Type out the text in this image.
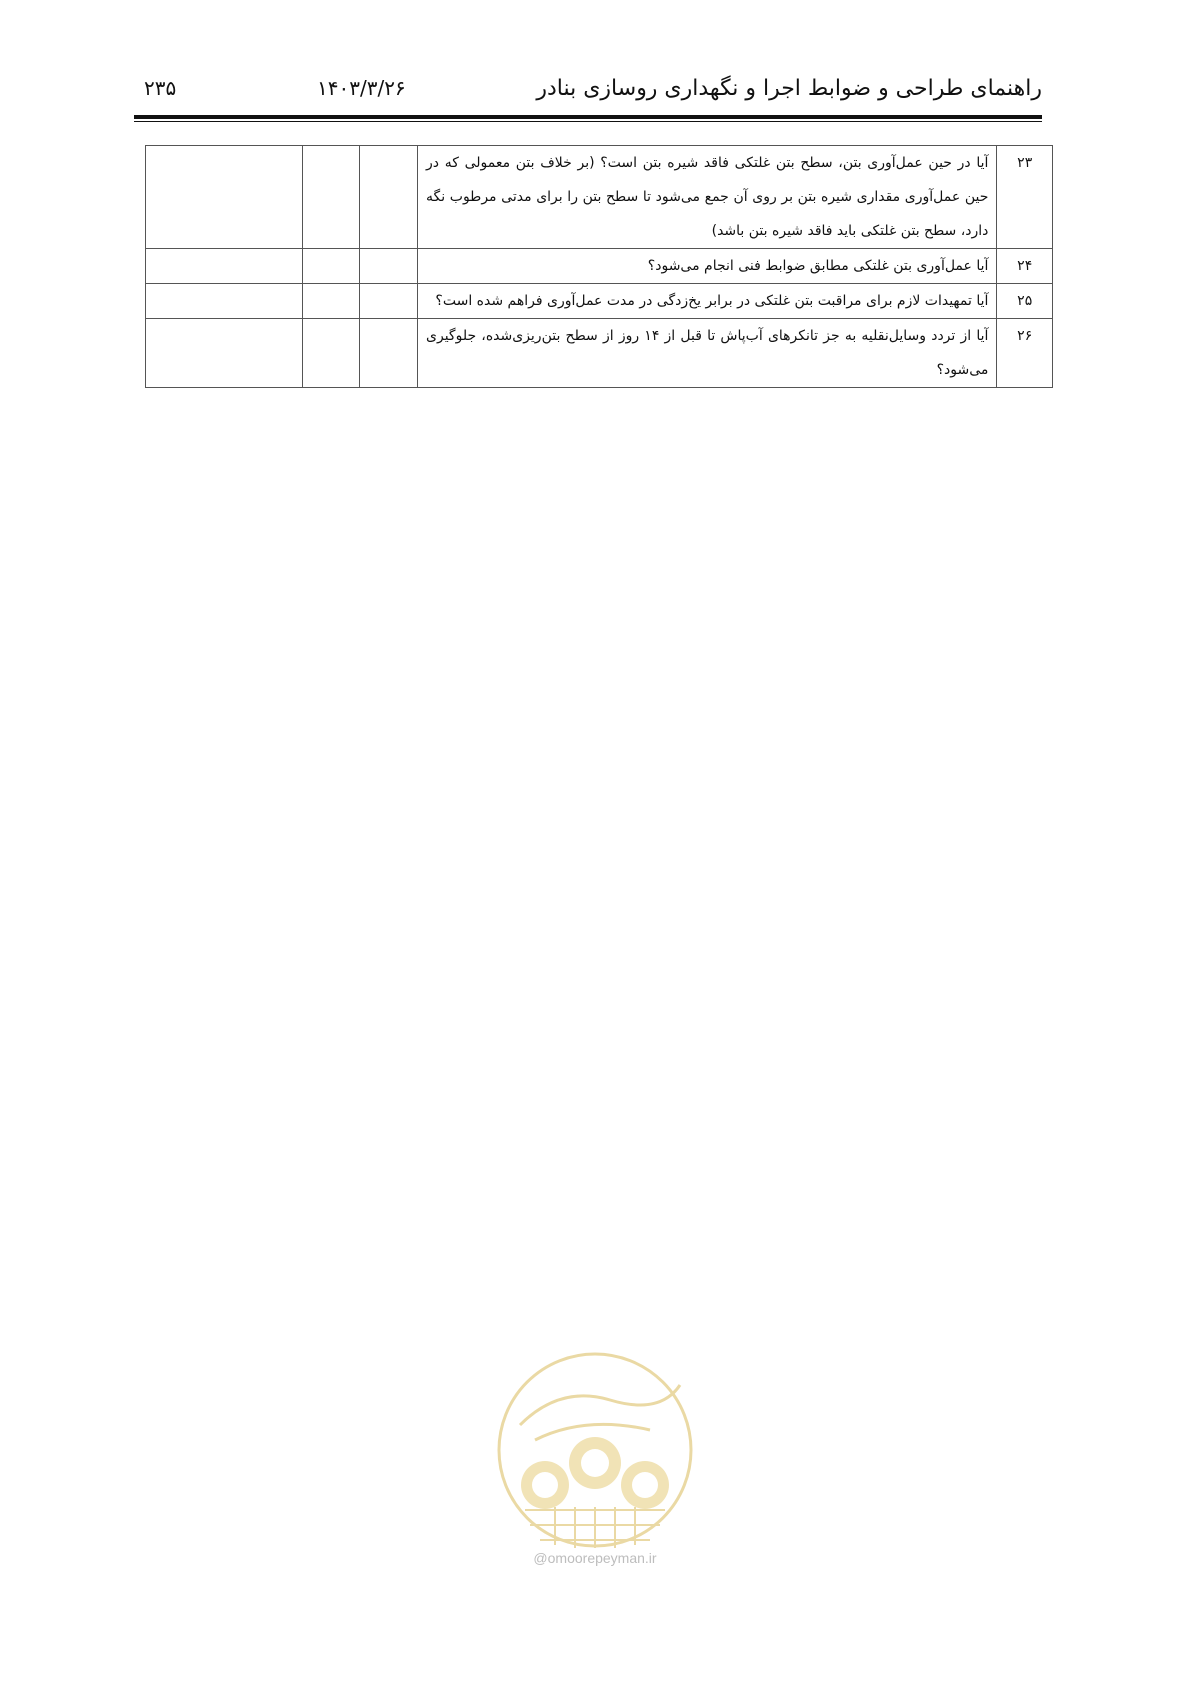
راهنمای طراحی و ضوابط اجرا و نگهداری روسازی بنادر
۱۴۰۳/۳/۲۶
۲۳۵
۲۳	آیا در حین عمل‌آوری بتن، سطح بتن غلتکی فاقد شیره بتن است؟ (بر خلاف بتن معمولی که در حین عمل‌آوری مقداری شیره بتن بر روی آن جمع می‌شود تا سطح بتن را برای مدتی مرطوب نگه دارد، سطح بتن غلتکی باید فاقد شیره بتن باشد)			
۲۴	آیا عمل‌آوری بتن غلتکی مطابق ضوابط فنی انجام می‌شود؟			
۲۵	آیا تمهیدات لازم برای مراقبت بتن غلتکی در برابر یخ‌زدگی در مدت عمل‌آوری فراهم شده است؟			
۲۶	آیا از تردد وسایل‌نقلیه به جز تانکرهای آب‌پاش تا قبل از ۱۴ روز از سطح بتن‌ریزی‌شده، جلوگیری می‌شود؟			
@omoorepeyman.ir
